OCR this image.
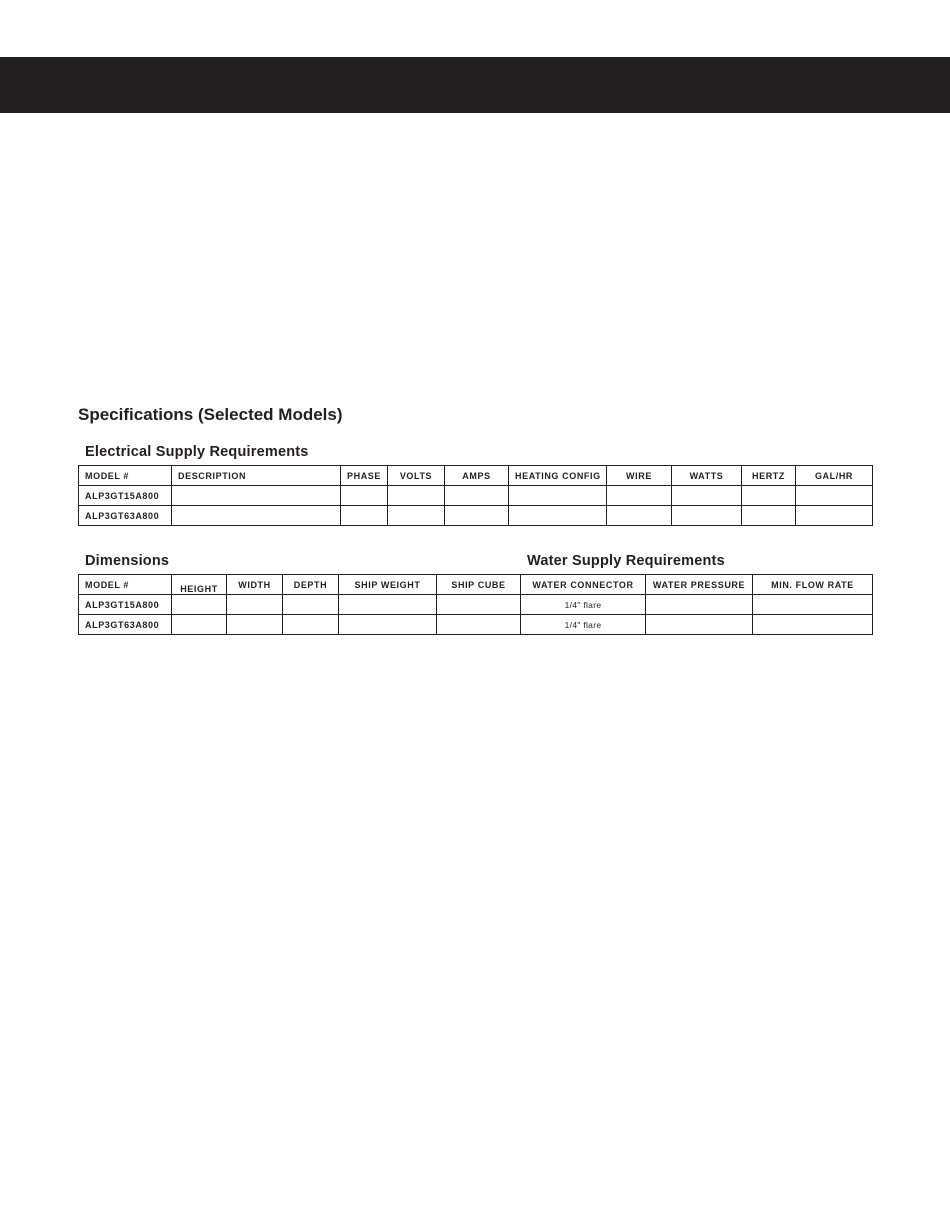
Specifications (Selected Models)
Electrical Supply Requirements
MODEL #	DESCRIPTION	PHASE	VOLTS	AMPS	HEATING CONFIG	WIRE	WATTS	HERTZ	GAL/HR
ALP3GT15A800									
ALP3GT63A800									
Dimensions	Water Supply Requirements
MODEL #	HEIGHT	WIDTH	DEPTH	SHIP WEIGHT	SHIP CUBE	WATER CONNECTOR	WATER PRESSURE	MIN. FLOW RATE
ALP3GT15A800						1/4" flare		
ALP3GT63A800						1/4" flare		
